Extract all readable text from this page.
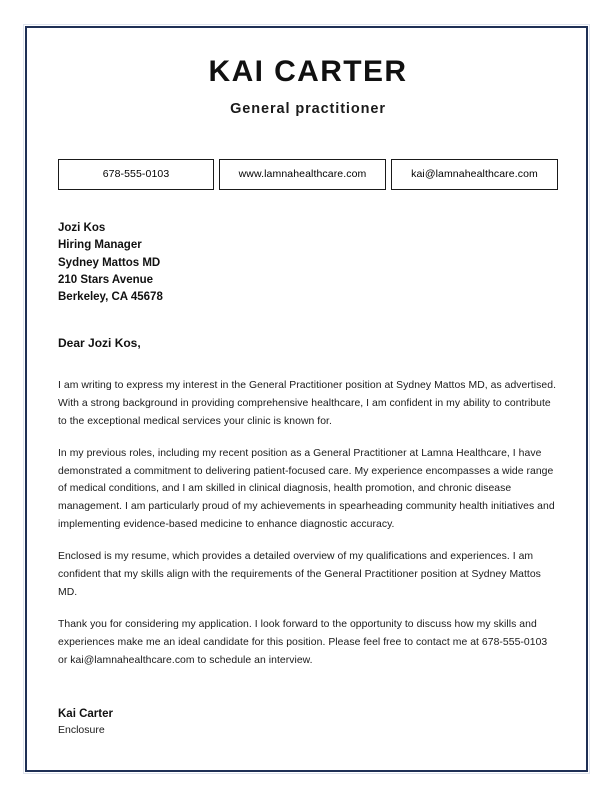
KAI CARTER
General practitioner
678-555-0103	www.lamnahealthcare.com	kai@lamnahealthcare.com
Jozi Kos
Hiring Manager
Sydney Mattos MD
210 Stars Avenue
Berkeley, CA 45678
Dear Jozi Kos,

I am writing to express my interest in the General Practitioner position at Sydney Mattos MD, as advertised. With a strong background in providing comprehensive healthcare, I am confident in my ability to contribute to the exceptional medical services your clinic is known for.

In my previous roles, including my recent position as a General Practitioner at Lamna Healthcare, I have demonstrated a commitment to delivering patient-focused care. My experience encompasses a wide range of medical conditions, and I am skilled in clinical diagnosis, health promotion, and chronic disease management. I am particularly proud of my achievements in spearheading community health initiatives and implementing evidence-based medicine to enhance diagnostic accuracy.

Enclosed is my resume, which provides a detailed overview of my qualifications and experiences. I am confident that my skills align with the requirements of the General Practitioner position at Sydney Mattos MD.

Thank you for considering my application. I look forward to the opportunity to discuss how my skills and experiences make me an ideal candidate for this position. Please feel free to contact me at 678-555-0103 or kai@lamnahealthcare.com to schedule an interview.

Kai Carter
Enclosure
